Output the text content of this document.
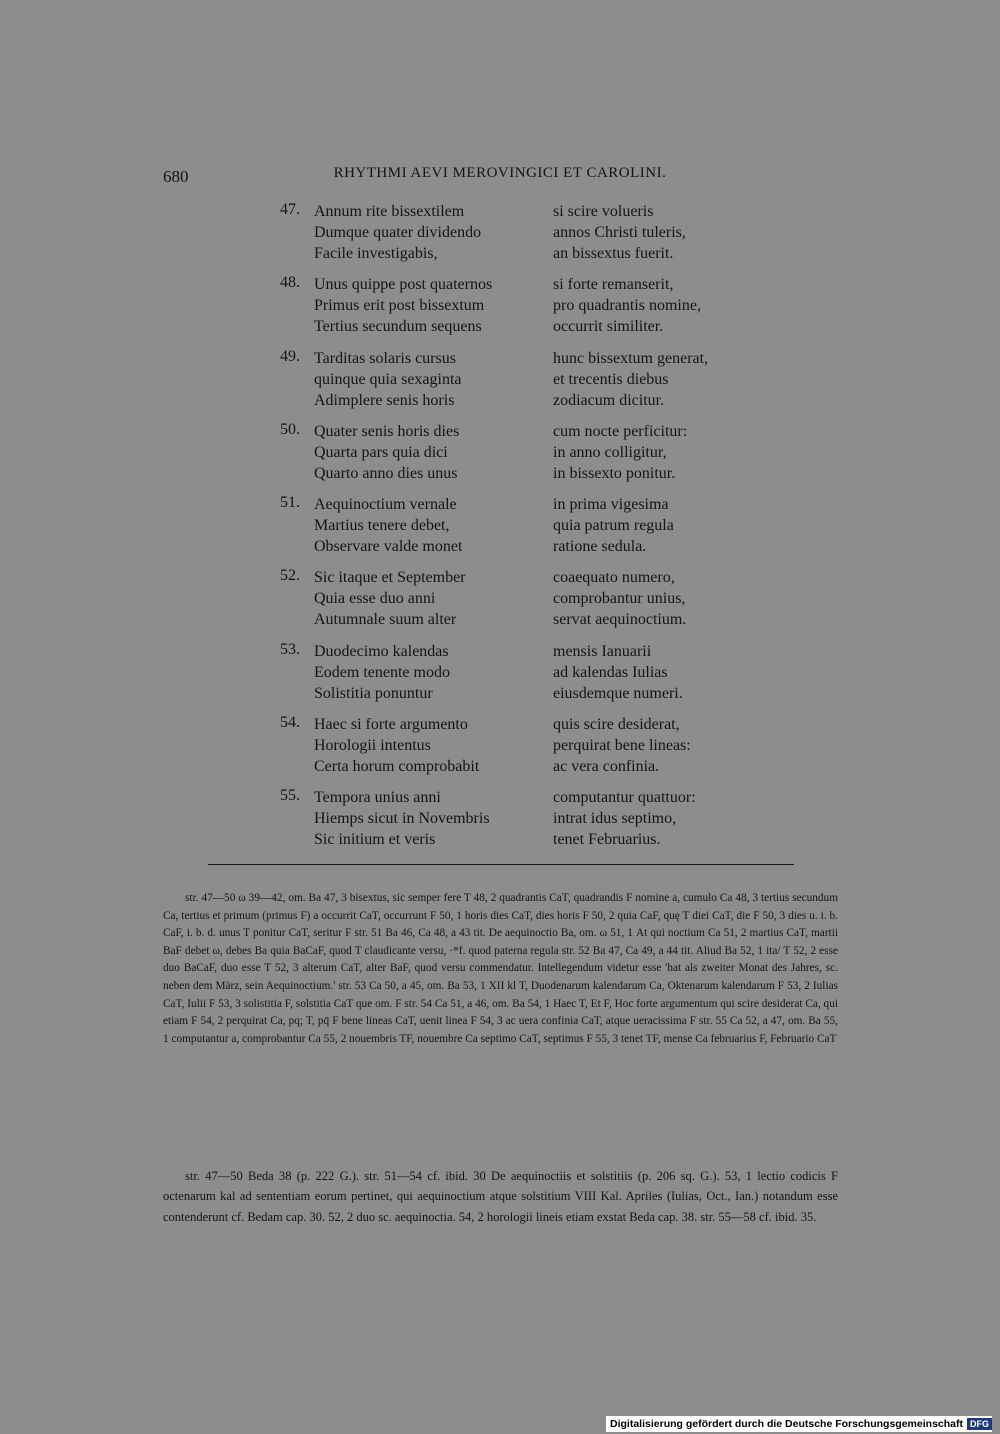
680	RHYTHMI AEVI MEROVINGICI ET CAROLINI.
47. Annum rite bissextilem
Dumque quater dividendo
Facile investigabis,
si scire volueris
annos Christi tuleris,
an bissextus fuerit.
48. Unus quippe post quaternos
Primus erit post bissextum
Tertius secundum sequens
si forte remanserit,
pro quadrantis nomine,
occurrit similiter.
49. Tarditas solaris cursus
quinque quia sexaginta
Adimplere senis horis
hunc bissextum generat,
et trecentis diebus
zodiacum dicitur.
50. Quater senis horis dies
Quarta pars quia dici
Quarto anno dies unus
cum nocte perficitur:
in anno colligitur,
in bissexto ponitur.
51. Aequinoctium vernale
Martius tenere debet,
Observare valde monet
in prima vigesima
quia patrum regula
ratione sedula.
52. Sic itaque et September
Quia esse duo anni
Autumnale suum alter
coaequato numero,
comprobantur unius,
servat aequinoctium.
53. Duodecimo kalendas
Eodem tenente modo
Solistitia ponuntur
mensis Ianuarii
ad kalendas Iulias
eiusdemque numeri.
54. Haec si forte argumento
Horologii intentus
Certa horum comprobabit
quis scire desiderat,
perquirat bene lineas:
ac vera confinia.
55. Tempora unius anni
Hiemps sicut in Novembris
Sic initium et veris
computantur quattuor:
intrat idus septimo,
tenet Februarius.

str. 47—50 ω 39—42, om. Ba 47, 3 bisextus, sic semper fere T 48, 2 quadrantis CaT, quadrandis F nomine a, cumulo Ca 48, 3 tertius secundum Ca, tertius et primum (primus F) a occurrit CaT, occurrunt F 50, 1 horis dies CaT, dies horis F 50, 2 quia CaF, quę T diei CaT, die F 50, 3 dies u. i. b. CaF, i. b. d. unus T ponitur CaT, seritur F str. 51 Ba 46, Ca 48, a 43 tit. De aequinoctio Ba, om. ω 51, 1 At qui noctium Ca 51, 2 martius CaT, martii BaF debet ω, debes Ba quia BaCaF, quod T claudicante versu, ·*f. quod paterna regula str. 52 Ba 47, Ca 49, a 44 tit. Aliud Ba 52, 1 ita/ T 52, 2 esse duo BaCaF, duo esse T 52, 3 alterum CaT, alter BaF, quod versu commendatur. Intellegendum videtur esse 'hat als zweiter Monat des Jahres, sc. neben dem März, sein Aequinoctium.' str. 53 Ca 50, a 45, om. Ba 53, 1 XII kl T, Duodenarum kalendarum Ca, Oktenarum kalendarum F 53, 2 Iulias CaT, Iulii F 53, 3 solistitia F, solstitia CaT que om. F str. 54 Ca 51, a 46, om. Ba 54, 1 Haec T, Et F, Hoc forte argumentum qui scire desiderat Ca, qui etiam F 54, 2 perquirat Ca, pq; T, pq̄ F bene lineas CaT, uenit linea F 54, 3 ac uera confinia CaT, atque ueracissima F str. 55 Ca 52, a 47, om. Ba 55, 1 computantur a, comprobantur Ca 55, 2 nouembris TF, nouembre Ca septimo CaT, septimus F 55, 3 tenet TF, mense Ca februarius F, Februario CaT

str. 47—50 Beda 38 (p. 222 G.). str. 51—54 cf. ibid. 30 De aequinoctiis et solstitiis (p. 206 sq. G.). 53, 1 lectio codicis F octenarum kal ad sententiam eorum pertinet, qui aequinoctium atque solstitium VIII Kal. Apriles (Iulias, Oct., Ian.) notandum esse contenderunt cf. Bedam cap. 30. 52, 2 duo sc. aequinoctia. 54, 2 horologii lineis etiam exstat Beda cap. 38. str. 55—58 cf. ibid. 35.

Digitalisierung gefördert durch die Deutsche Forschungsgemeinschaft DFG
